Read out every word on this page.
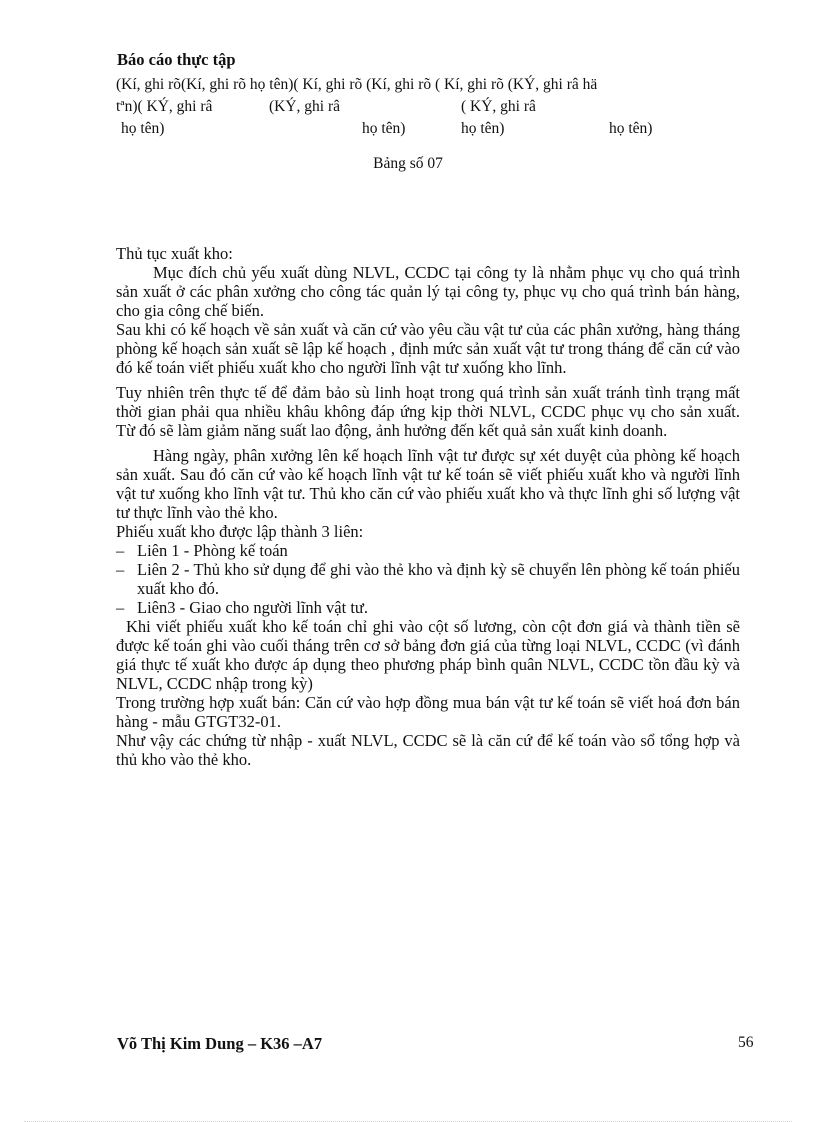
Báo cáo thực tập
(Kí, ghi rõ(Kí, ghi rõ họ tên)( Kí, ghi rõ (Kí, ghi rõ ( Kí, ghi rõ (KÝ, ghi râ hä
tªn)( KÝ, ghi râ	(KÝ, ghi râ	( KÝ, ghi râ
họ tên)	họ tên)	họ tên)	họ tên)
Bảng số 07

Thủ tục xuất kho:

Mục đích chủ yếu xuất dùng NLVL, CCDC tại công ty là nhằm phục vụ cho quá trình sản xuất ở các phân xưởng cho công tác quản lý tại công ty, phục vụ cho quá trình bán hàng, cho gia công chế biến.

Sau khi có kế hoạch về sản xuất và căn cứ vào yêu cầu vật tư của các phân xưởng, hàng tháng phòng kế hoạch sản xuất sẽ lập kế hoạch , định mức sản xuất vật tư trong tháng để căn cứ vào đó kế toán viết phiếu xuất kho cho người lĩnh vật tư xuống kho lĩnh.

Tuy nhiên trên thực tế để đảm bảo sù linh hoạt trong quá trình sản xuất tránh tình trạng mất thời gian phải qua nhiều khâu không đáp ứng kịp thời NLVL, CCDC phục vụ cho sản xuất. Từ đó sẽ làm giảm năng suất lao động, ảnh hưởng đến kết quả sản xuất kinh doanh.

Hàng ngày, phân xưởng lên kế hoạch lĩnh vật tư được sự xét duyệt của phòng kế hoạch sản xuất. Sau đó căn cứ vào kế hoạch lĩnh vật tư kế toán sẽ viết phiếu xuất kho và người lĩnh vật tư xuống kho lĩnh vật tư. Thủ kho căn cứ vào phiếu xuất kho và thực lĩnh ghi số lượng vật tư thực lĩnh vào thẻ kho.

Phiếu xuất kho được lập thành 3 liên:

– Liên 1 - Phòng kế toán
– Liên 2 - Thủ kho sử dụng để ghi vào thẻ kho và định kỳ sẽ chuyển lên phòng kế toán phiếu xuất kho đó.
– Liên3 - Giao cho người lĩnh vật tư.

Khi viết phiếu xuất kho kế toán chỉ ghi vào cột số lương, còn cột đơn giá và thành tiền sẽ được kế toán ghi vào cuối tháng trên cơ sở bảng đơn giá của từng loại NLVL, CCDC (vì đánh giá thực tế xuất kho được áp dụng theo phương pháp bình quân NLVL, CCDC tồn đầu kỳ và NLVL, CCDC nhập trong kỳ)

Trong trường hợp xuất bán: Căn cứ vào hợp đồng mua bán vật tư kế toán sẽ viết hoá đơn bán hàng - mẫu GTGT32-01.

Như vậy các chứng từ nhập - xuất NLVL, CCDC sẽ là căn cứ để kế toán vào sổ tổng hợp và thủ kho vào thẻ kho.

Võ Thị Kim Dung – K36 –A7	56
